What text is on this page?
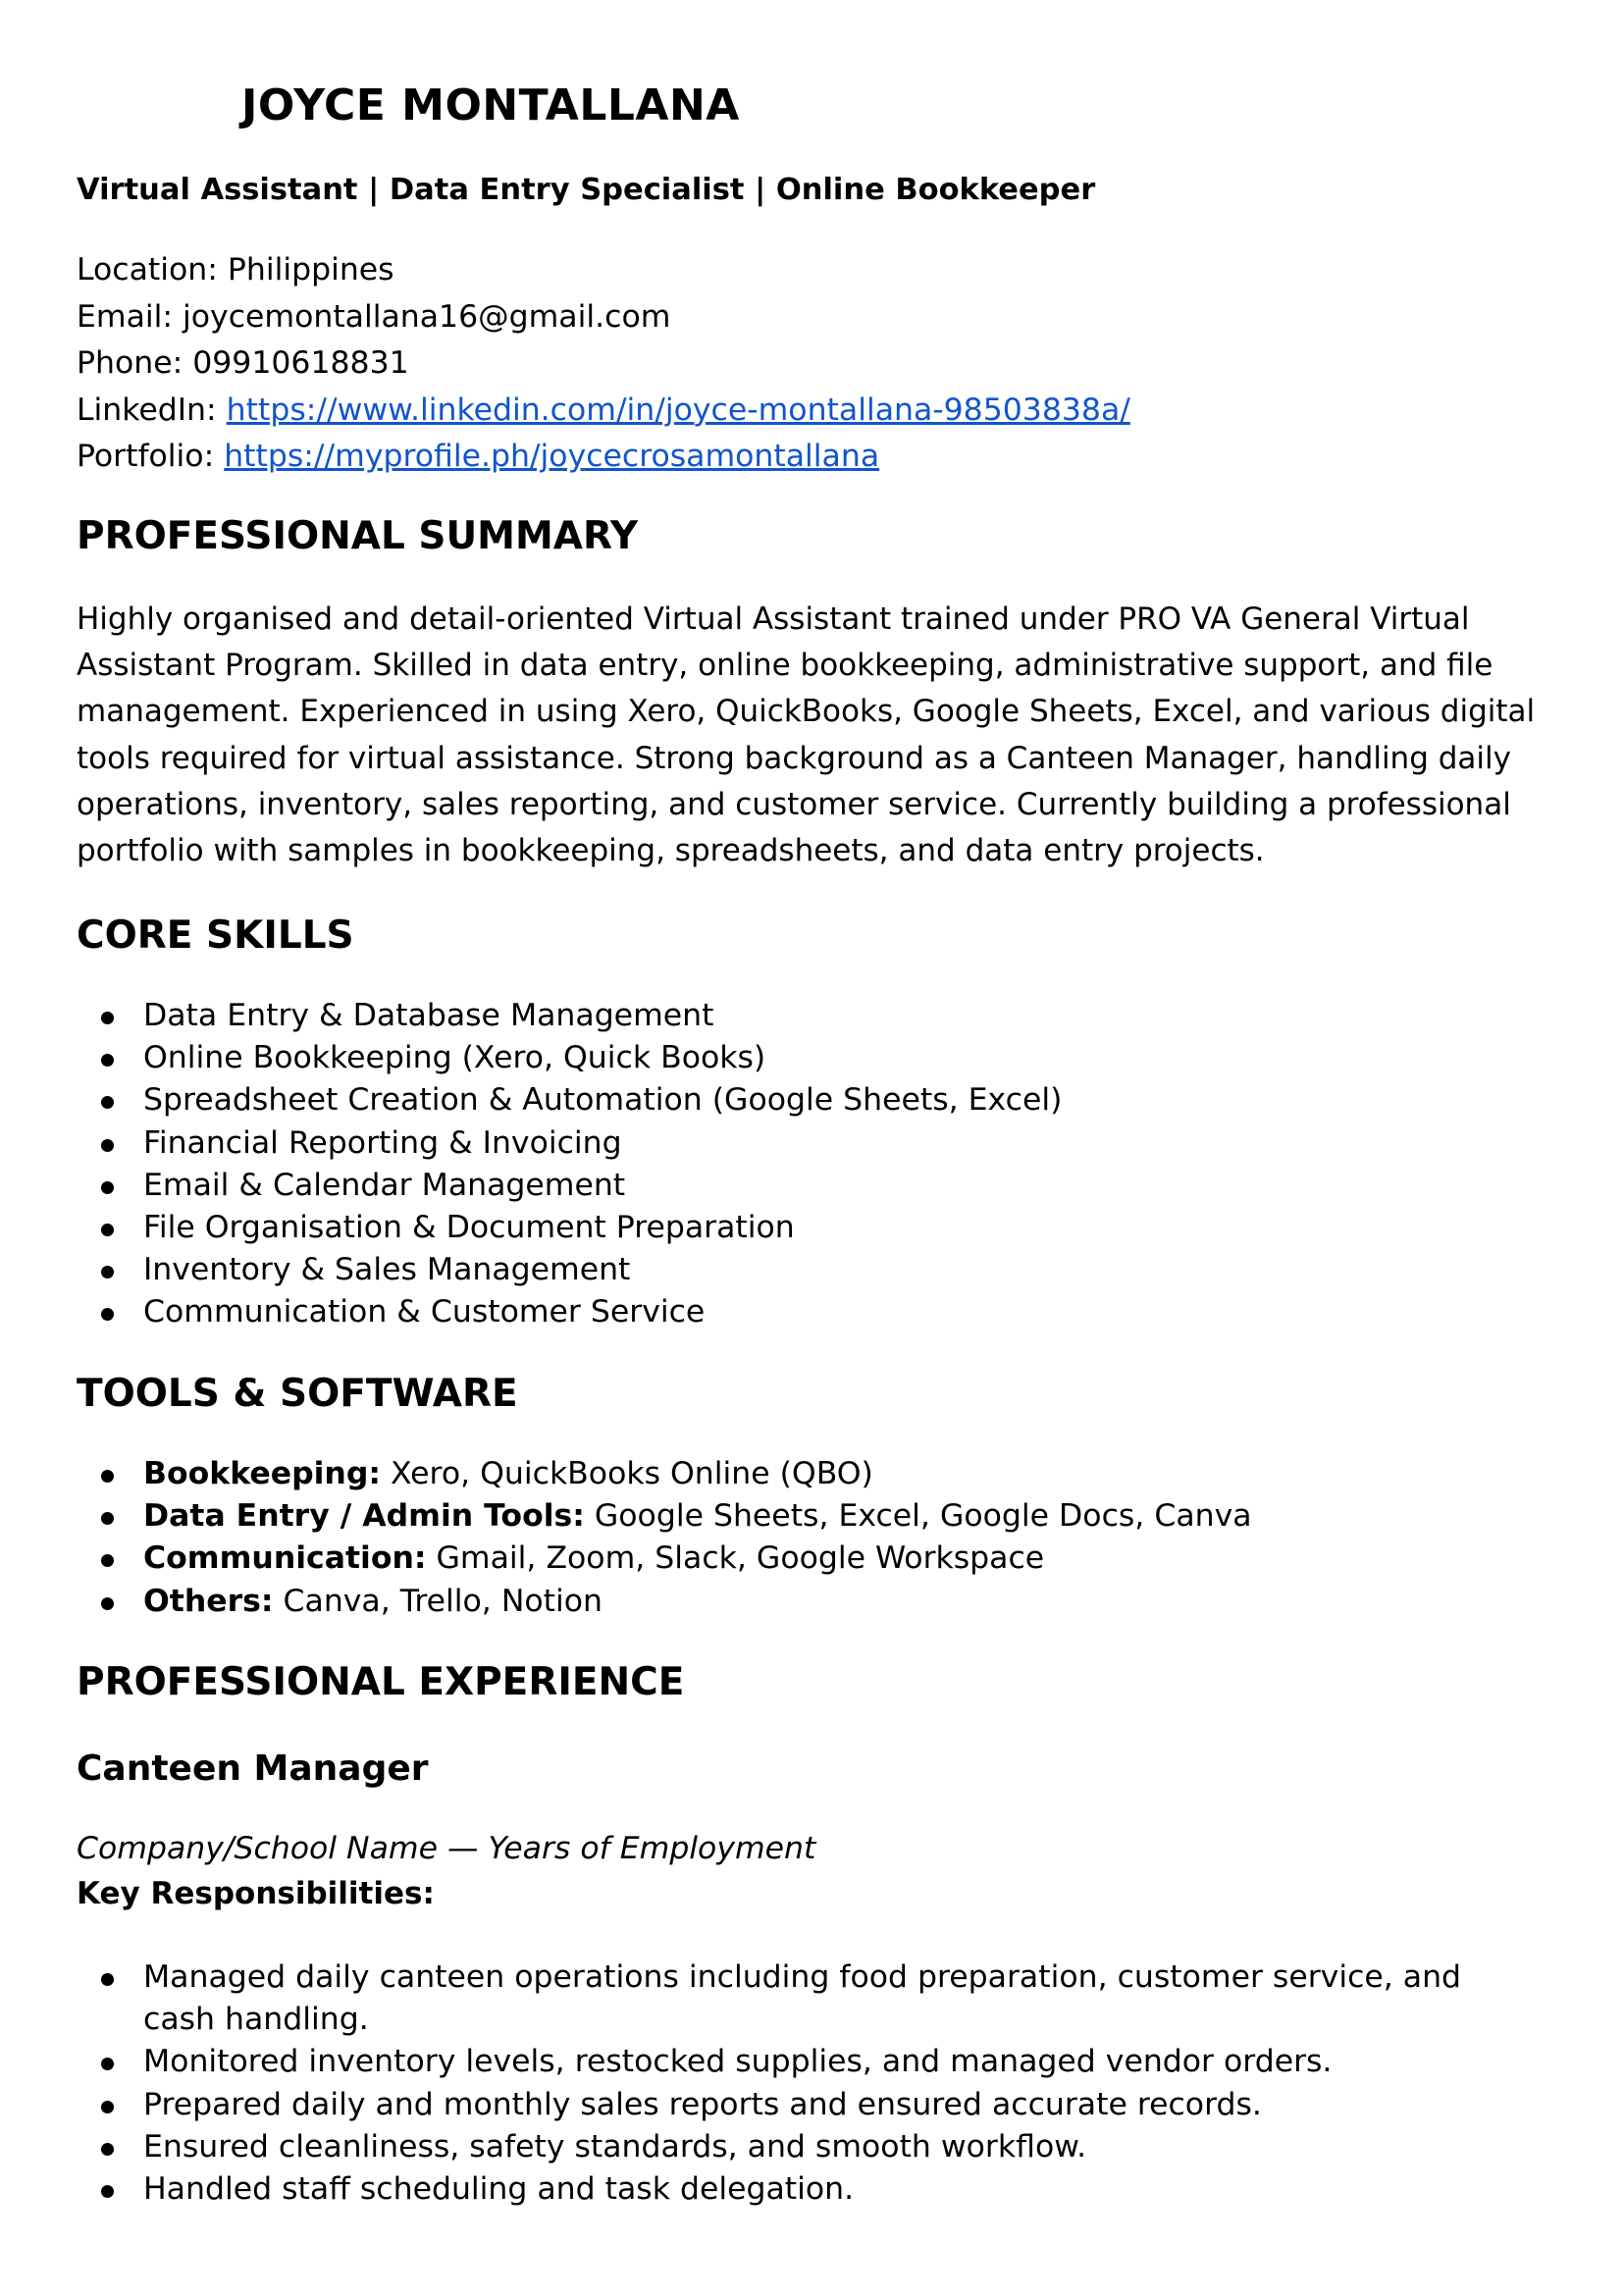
JOYCE MONTALLANA
Virtual Assistant | Data Entry Specialist | Online Bookkeeper
Location: Philippines
Email: joycemontallana16@gmail.com
Phone: 09910618831
LinkedIn: https://www.linkedin.com/in/joyce-montallana-98503838a/
Portfolio: https://myprofile.ph/joycecrosamontallana
PROFESSIONAL SUMMARY

Highly organised and detail-oriented Virtual Assistant trained under PRO VA General Virtual Assistant Program. Skilled in data entry, online bookkeeping, administrative support, and file management. Experienced in using Xero, QuickBooks, Google Sheets, Excel, and various digital tools required for virtual assistance. Strong background as a Canteen Manager, handling daily operations, inventory, sales reporting, and customer service. Currently building a professional portfolio with samples in bookkeeping, spreadsheets, and data entry projects.

CORE SKILLS
Data Entry & Database Management
Online Bookkeeping (Xero, Quick Books)
Spreadsheet Creation & Automation (Google Sheets, Excel)
Financial Reporting & Invoicing
Email & Calendar Management
File Organisation & Document Preparation
Inventory & Sales Management
Communication & Customer Service
TOOLS & SOFTWARE
Bookkeeping: Xero, QuickBooks Online (QBO)
Data Entry / Admin Tools: Google Sheets, Excel, Google Docs, Canva
Communication: Gmail, Zoom, Slack, Google Workspace
Others: Canva, Trello, Notion
PROFESSIONAL EXPERIENCE
Canteen Manager
Company/School Name — Years of Employment
Key Responsibilities:
Managed daily canteen operations including food preparation, customer service, and cash handling.
Monitored inventory levels, restocked supplies, and managed vendor orders.
Prepared daily and monthly sales reports and ensured accurate records.
Ensured cleanliness, safety standards, and smooth workflow.
Handled staff scheduling and task delegation.
